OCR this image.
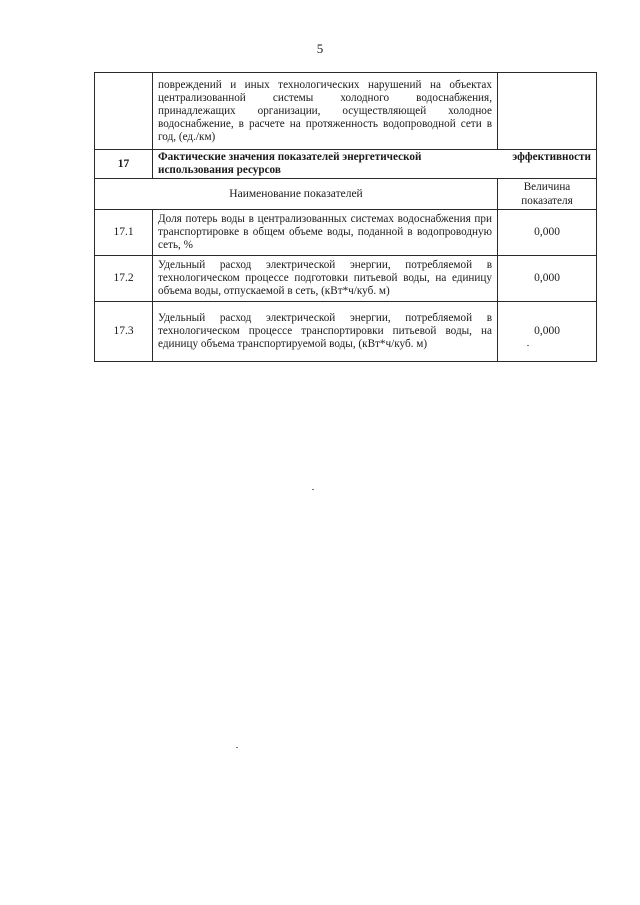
5
	повреждений и иных технологических нарушений на объектах централизованной системы холодного водоснабжения, принадлежащих организации, осуществляющей холодное водоснабжение, в расчете на протяженность водопроводной сети в год, (ед./км)	
17	Фактические значения показателей энергетической эффективности
использования ресурсов	

Наименование показателей		Величина показателя
17.1	Доля потерь воды в централизованных системах водоснабжения при транспортировке в общем объеме воды, поданной в водопроводную сеть, %	0,000
17.2	Удельный расход электрической энергии, потребляемой в технологическом процессе подготовки питьевой воды, на единицу объема воды, отпускаемой в сеть, (кВт*ч/куб. м)	0,000
17.3	Удельный расход электрической энергии, потребляемой в технологическом процессе транспортировки питьевой воды, на единицу объема транспортируемой воды, (кВт*ч/куб. м)	0,000
